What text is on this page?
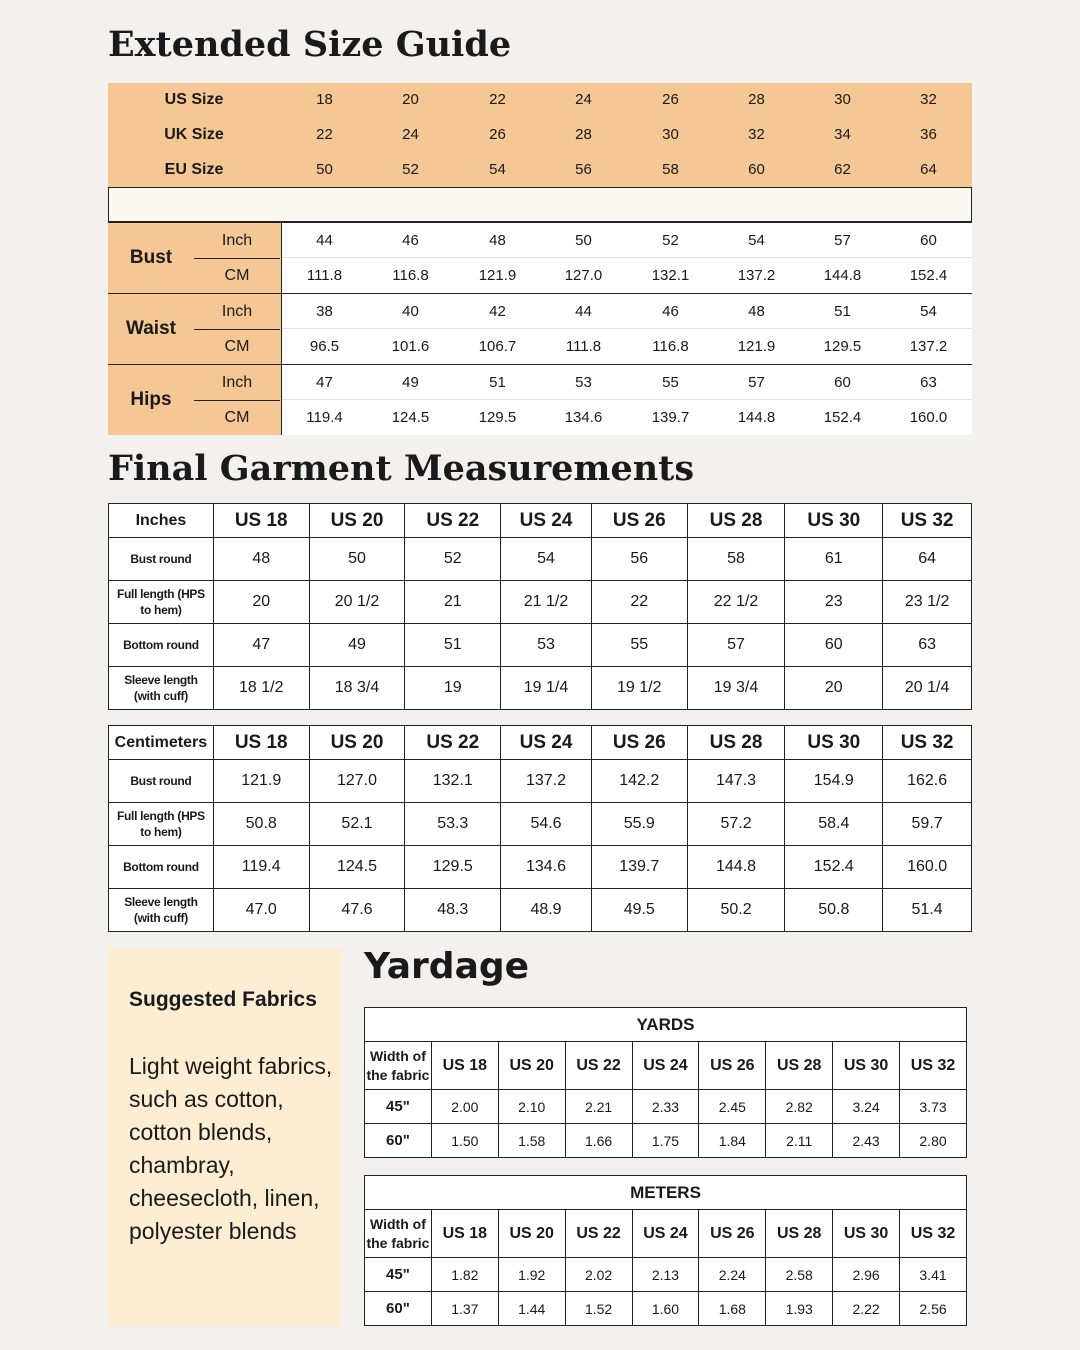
Extended Size Guide
US Size	18	20	22	24	26	28	30	32
UK Size	22	24	26	28	30	32	34	36
EU Size	50	52	54	56	58	60	62	64
Bust
Inch	44	46	48	50	52	54	57	60
CM	111.8	116.8	121.9	127.0	132.1	137.2	144.8	152.4
Waist
Inch	38	40	42	44	46	48	51	54
CM	96.5	101.6	106.7	111.8	116.8	121.9	129.5	137.2
Hips
Inch	47	49	51	53	55	57	60	63
CM	119.4	124.5	129.5	134.6	139.7	144.8	152.4	160.0
Final Garment Measurements
Inches	US 18	US 20	US 22	US 24	US 26	US 28	US 30	US 32
Bust round	48	50	52	54	56	58	61	64
Full length (HPS to hem)	20	20 1/2	21	21 1/2	22	22 1/2	23	23 1/2
Bottom round	47	49	51	53	55	57	60	63
Sleeve length (with cuff)	18 1/2	18 3/4	19	19 1/4	19 1/2	19 3/4	20	20 1/4
Centimeters	US 18	US 20	US 22	US 24	US 26	US 28	US 30	US 32
Bust round	121.9	127.0	132.1	137.2	142.2	147.3	154.9	162.6
Full length (HPS to hem)	50.8	52.1	53.3	54.6	55.9	57.2	58.4	59.7
Bottom round	119.4	124.5	129.5	134.6	139.7	144.8	152.4	160.0
Sleeve length (with cuff)	47.0	47.6	48.3	48.9	49.5	50.2	50.8	51.4
Suggested Fabrics
Light weight fabrics, such as cotton, cotton blends, chambray, cheesecloth, linen, polyester blends
Yardage
YARDS								
Width of the fabric	US 18	US 20	US 22	US 24	US 26	US 28	US 30	US 32
45"	2.00	2.10	2.21	2.33	2.45	2.82	3.24	3.73
60"	1.50	1.58	1.66	1.75	1.84	2.11	2.43	2.80
METERS								
Width of the fabric	US 18	US 20	US 22	US 24	US 26	US 28	US 30	US 32
45"	1.82	1.92	2.02	2.13	2.24	2.58	2.96	3.41
60"	1.37	1.44	1.52	1.60	1.68	1.93	2.22	2.56
